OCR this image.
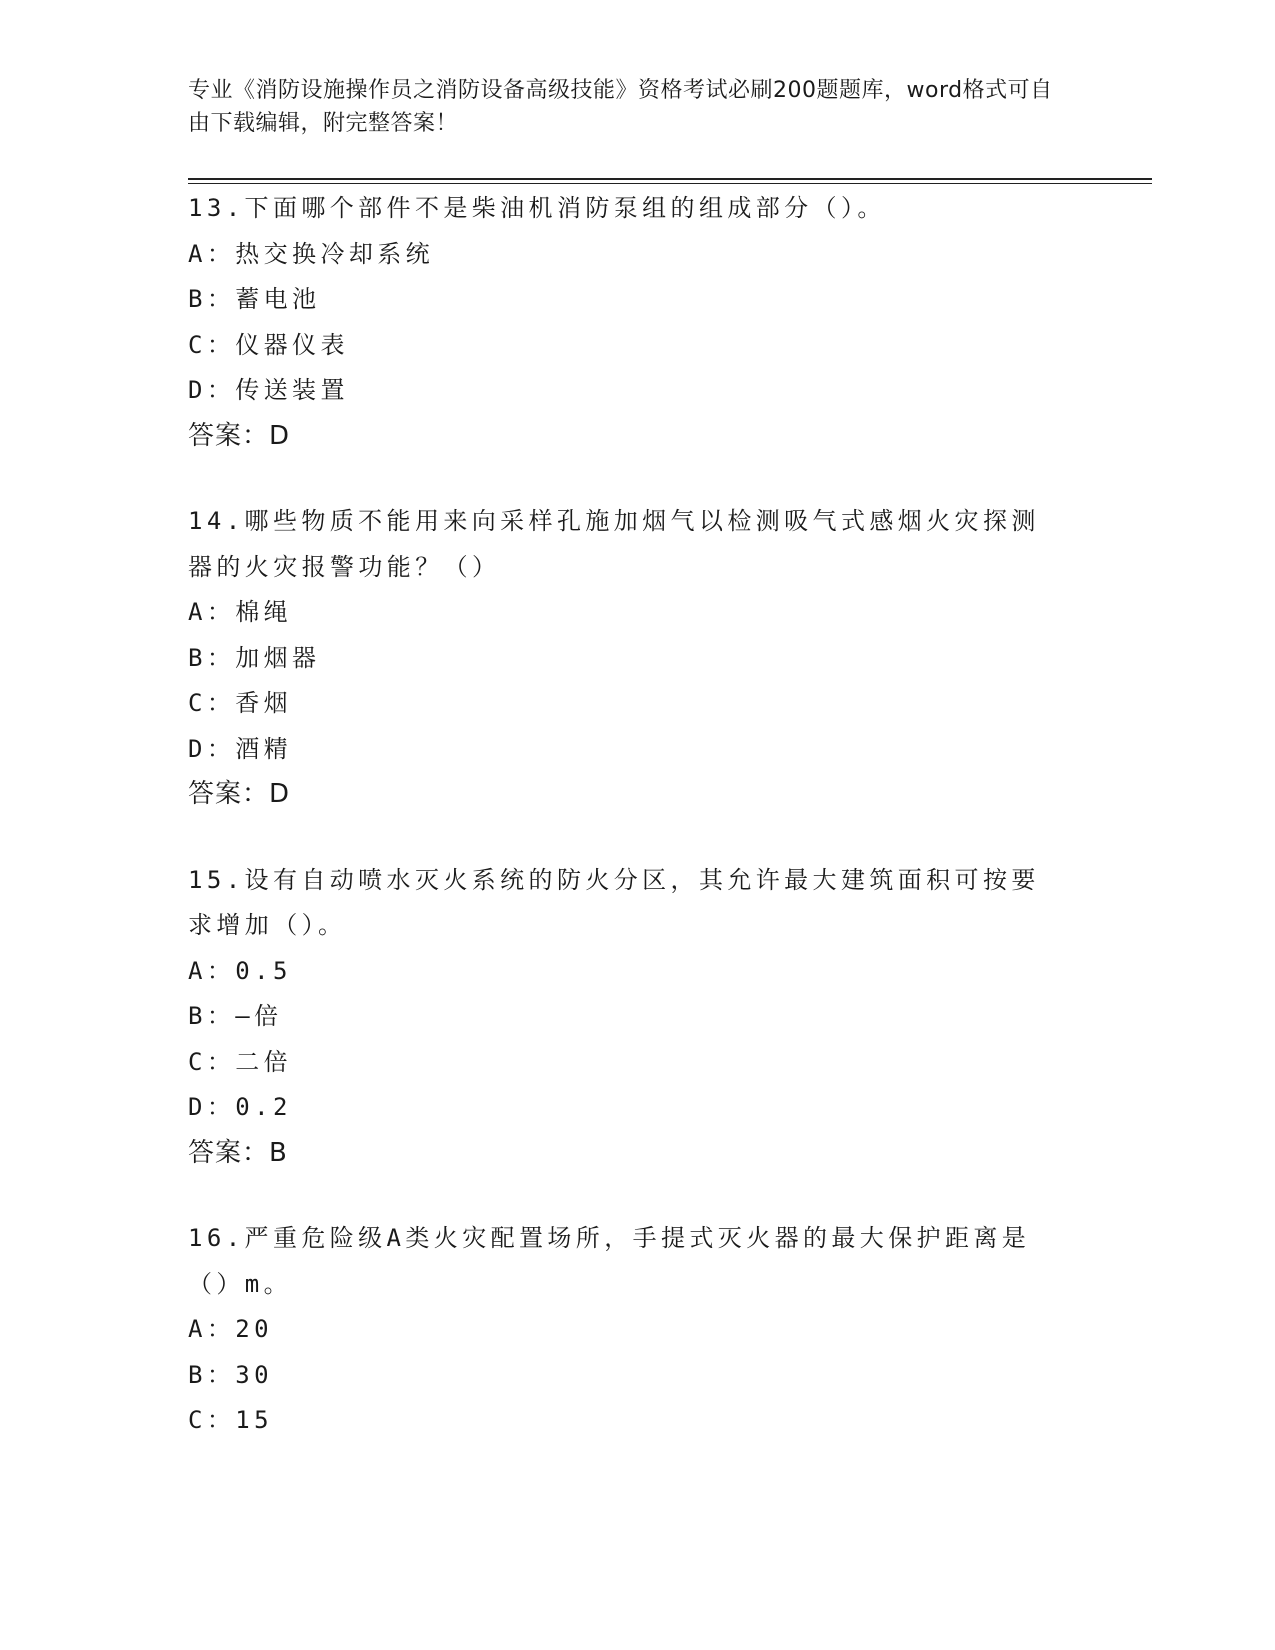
专业《消防设施操作员之消防设备高级技能》资格考试必刷200题题库，word格式可自由下载编辑，附完整答案！
13.下面哪个部件不是柴油机消防泵组的组成部分（）。
A：热交换冷却系统
B：蓄电池
C：仪器仪表
D：传送装置
答案：D
14.哪些物质不能用来向采样孔施加烟气以检测吸气式感烟火灾探测器的火灾报警功能？（）
A：棉绳
B：加烟器
C：香烟
D：酒精
答案：D
15.设有自动喷水灭火系统的防火分区，其允许最大建筑面积可按要求增加（）。
A：0.5
B：—倍
C：二倍
D：0.2
答案：B
16.严重危险级A类火灾配置场所，手提式灭火器的最大保护距离是（）m。
A：20
B：30
C：15
